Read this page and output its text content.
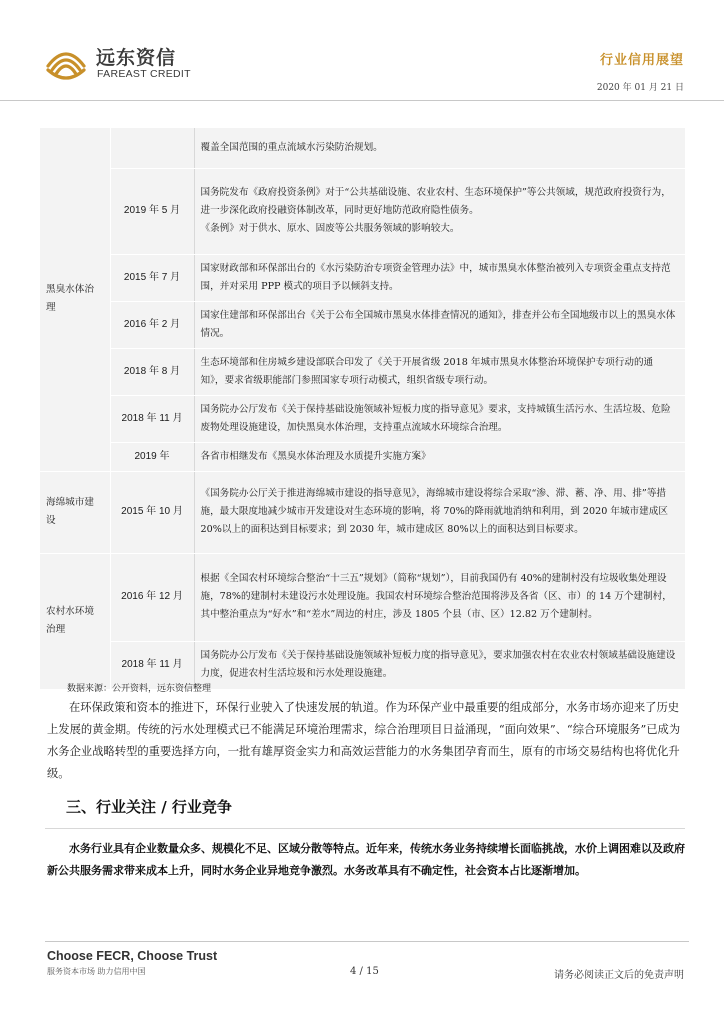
远东资信
FAREAST CREDIT
行业信用展望
2020 年 01 月 21 日
黑臭水体治理		覆盖全国范围的重点流域水污染防治规划。
	2019 年 5 月	国务院发布《政府投资条例》对于“公共基础设施、农业农村、生态环境保护”等公共领域，规范政府投资行为，进一步深化政府投融资体制改革，同时更好地防范政府隐性债务。
《条例》对于供水、原水、固废等公共服务领域的影响较大。
	2015 年 7 月	国家财政部和环保部出台的《水污染防治专项资金管理办法》中，城市黑臭水体整治被列入专项资金重点支持范围，并对采用 PPP 模式的项目予以倾斜支持。
	2016 年 2 月	国家住建部和环保部出台《关于公布全国城市黑臭水体排查情况的通知》，排查并公布全国地级市以上的黑臭水体情况。
	2018 年 8 月	生态环境部和住房城乡建设部联合印发了《关于开展省级 2018 年城市黑臭水体整治环境保护专项行动的通知》，要求省级职能部门参照国家专项行动模式，组织省级专项行动。
	2018 年 11 月	国务院办公厅发布《关于保持基础设施领域补短板力度的指导意见》要求，支持城镇生活污水、生活垃圾、危险废物处理设施建设，加快黑臭水体治理，支持重点流域水环境综合治理。
	2019 年	各省市相继发布《黑臭水体治理及水质提升实施方案》
海绵城市建设	2015 年 10 月	《国务院办公厅关于推进海绵城市建设的指导意见》，海绵城市建设将综合采取“渗、滞、蓄、净、用、排”等措施，最大限度地减少城市开发建设对生态环境的影响，将 70%的降雨就地消纳和利用，到 2020 年城市建成区 20%以上的面积达到目标要求；到 2030 年，城市建成区 80%以上的面积达到目标要求。
农村水环境治理	2016 年 12 月	根据《全国农村环境综合整治“十三五”规划》（简称“规划”），目前我国仍有 40%的建制村没有垃圾收集处理设施，78%的建制村未建设污水处理设施。我国农村环境综合整治范围将涉及各省（区、市）的 14 万个建制村，其中整治重点为“好水”和“差水”周边的村庄，涉及 1805 个县（市、区）12.82 万个建制村。
	2018 年 11 月	国务院办公厅发布《关于保持基础设施领域补短板力度的指导意见》，要求加强农村在农业农村领域基础设施建设力度，促进农村生活垃圾和污水处理设施建。
数据来源：公开资料，远东资信整理

在环保政策和资本的推进下，环保行业驶入了快速发展的轨道。作为环保产业中最重要的组成部分，水务市场亦迎来了历史上发展的黄金期。传统的污水处理模式已不能满足环境治理需求，综合治理项目日益涌现，“面向效果”、“综合环境服务”已成为水务企业战略转型的重要选择方向，一批有雄厚资金实力和高效运营能力的水务集团孕育而生，原有的市场交易结构也将优化升级。

三、行业关注 / 行业竞争

水务行业具有企业数量众多、规模化不足、区域分散等特点。近年来，传统水务业务持续增长面临挑战，水价上调困难以及政府新公共服务需求带来成本上升，同时水务企业异地竞争激烈。水务改革具有不确定性，社会资本占比逐渐增加。

Choose FECR, Choose Trust
服务资本市场 助力信用中国	4 / 15	请务必阅读正文后的免责声明
